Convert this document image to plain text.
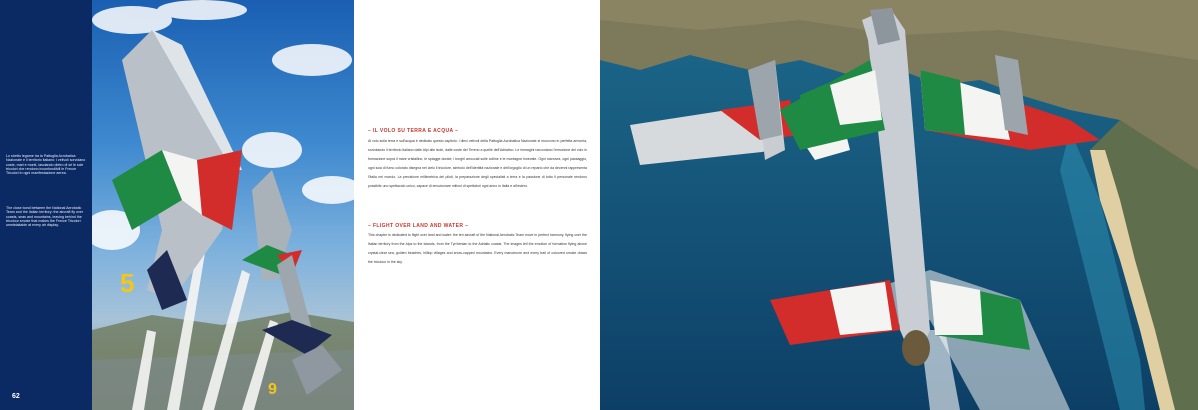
Lo stretto legame tra la Pattuglia Acrobatica Nazionale e il territorio italiano: i velivoli sorvolano coste, mari e monti, lasciando dietro di sé le scie tricolori che rendono inconfondibili le Frecce Tricolori in ogni manifestazione aerea.
The close bond between the National Aerobatic Team and the Italian territory: the aircraft fly over coasts, seas and mountains, leaving behind the tricolour smoke that makes the Frecce Tricolori unmistakable at every air display.
62
5
9
– IL VOLO SU TERRA E ACQUA –
Al volo sulla terra e sull'acqua è dedicato questo capitolo: i dieci velivoli della Pattuglia Acrobatica Nazionale si muovono in perfetta armonia, sorvolando il territorio italiano dalle Alpi alle isole, dalle coste del Tirreno a quelle dell'Adriatico. Le immagini raccontano l'emozione del volo in formazione sopra il mare cristallino, le spiagge dorate, i borghi arroccati sulle colline e le montagne innevate. Ogni manovra, ogni passaggio, ogni scia di fumo colorato disegna nel cielo il tricolore, simbolo dell'identità nazionale e dell'orgoglio di un reparto che da decenni rappresenta l'Italia nel mondo. La precisione millimetrica dei piloti, la preparazione degli specialisti a terra e la passione di tutto il personale rendono possibile uno spettacolo unico, capace di emozionare milioni di spettatori ogni anno in Italia e all'estero.
– FLIGHT OVER LAND AND WATER –
This chapter is dedicated to flight over land and water: the ten aircraft of the National Aerobatic Team move in perfect harmony, flying over the Italian territory from the Alps to the islands, from the Tyrrhenian to the Adriatic coasts. The images tell the emotion of formation flying above crystal-clear sea, golden beaches, hilltop villages and snow-capped mountains. Every manoeuvre and every trail of coloured smoke draws the tricolour in the sky.
6
